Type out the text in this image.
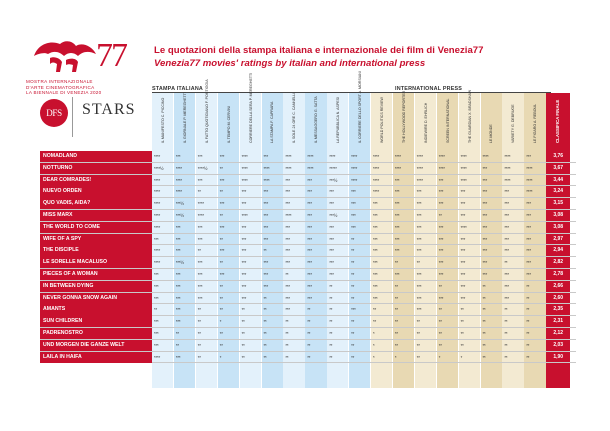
77
MOSTRA INTERNAZIONALE
D'ARTE CINEMATOGRAFICA
LA BIENNALE DI VENEZIA 2020
DFS	STARS
Le quotazioni della stampa italiana e internazionale dei film di Venezia77
Venezia77 movies' ratings by italian and international press
STAMPA ITALIANA	INTERNATIONAL PRESS
IL MANIFESTO C. PICCINO	IL GIORNALE P. MEREGHETTI	IL FATTO QUOTIDIANO F. PONTIGGIA	IL TEMPO M. CERVINI	CORRIERE DELLA SERA P. MEREGHETTI	LA STAMPA F. CAPRARA	IL SOLE 24 ORE C. CANNELLI	IL MESSAGGERO G. SATTA	LA REPUBBLICA N. ASPESI	IL CORRIERE DELLO SPORT A. MORSIANI	WORLD POLITICS REVIEW	THE HOLLYWOOD REPORTER	INDIEWIRE D. EHRLICH	SCREEN INTERNATIONAL	THE GUARDIAN X. BRADSHAW	LE MONDE	VARIETY G. DEBRUGE	LE FIGARO A. REBOUL	CLASSIFICA FINALE
NOMADLAND	****	***	***	***	****	***	****	****	****	****	****	****	****	****	****	****	****	***	3,76
NOTTURNO	****½	****	****½	**	****	****	****	****	*****	****	****	****	****	****	****	***	****	****	3,67
DEAR COMRADES!	****	****	***	***	****	****	***	***	***½	****	****	***	****	***	****	***	****	****	3,44
NUEVO ORDEN	****	****	**	**	***	***	***	***	***	***	****	***	***	***	***	***	***	****	3,24
QUO VADIS, AIDA?	****	***½	****	***	***	***	***	***	***	***	***	***	***	***	***	***	***	***	3,15
MISS MARX	****	***½	****	**	****	***	****	***	***½	***	***	***	***	**	***	***	***	***	3,08
THE WORLD TO COME	****	***	***	***	***	***	***	***	***	***	***	***	***	***	****	***	***	***	3,08
WIFE OF A SPY	***	***	***	**	***	***	***	***	***	**	***	***	***	***	***	***	***	***	2,97
THE DISCIPLE	****	***	**	***	***	**	***	***	***	**	***	***	***	***	***	***	***	***	2,94
LE SORELLE MACALUSO	****	***½	***	**	***	***	***	***	***	**	***	**	**	***	***	***	**	***	2,82
PIECES OF A WOMAN	***	***	***	***	***	***	**	***	***	**	***	***	***	***	***	***	***	***	2,78
IN BETWEEN DYING	***	***	***	**	***	***	***	***	**	**	***	**	***	**	***	**	***	**	2,66
NEVER GONNA SNOW AGAIN	***	***	***	**	***	**	***	***	**	**	***	**	***	***	***	**	***	**	2,60
AMANTS	**	***	**	**	**	**	***	**	**	***	**	**	***	**	**	**	**	**	2,35
SUN CHILDREN	***	***	**	*	**	**	**	**	**	**	**	**	**	**	**	**	**	**	2,31
PADRENOSTRO	***	**	**	**	**	**	**	**	**	**	*	**	**	**	**	**	**	**	2,12
UND MORGEN DIE GANZE WELT	***	**	**	**	**	**	**	**	**	**	*	**	**	**	**	**	**	**	2,03
LAILA IN HAIFA	****	***	**	*	**	**	**	**	**	**	*	*	**	*	*	**	**	**	1,90
